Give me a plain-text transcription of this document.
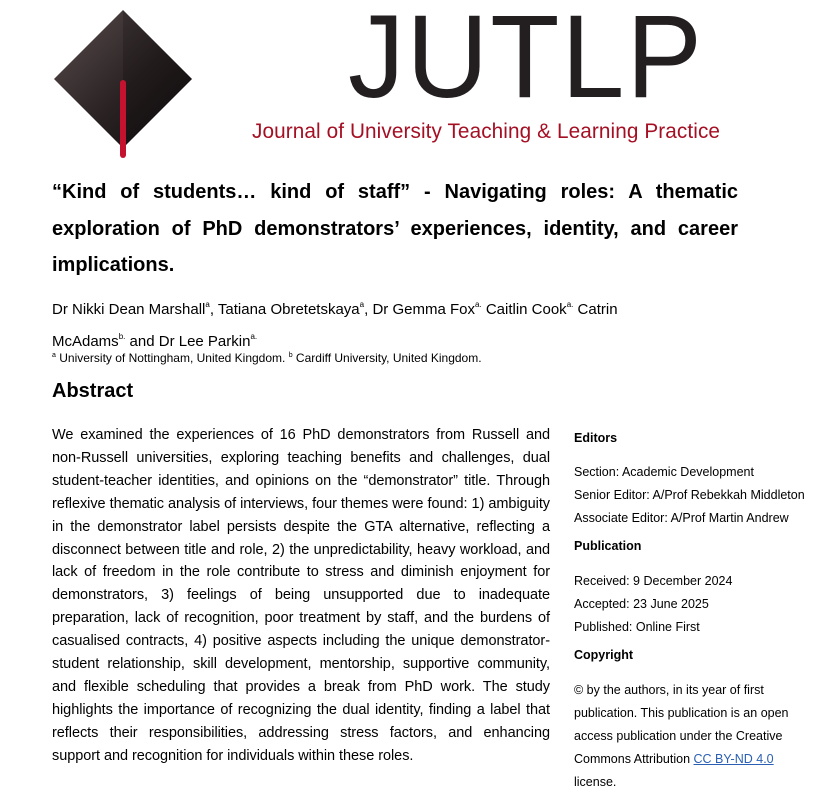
JUTLP
Journal of University Teaching & Learning Practice
“Kind of students… kind of staff” - Navigating roles: A thematic exploration of PhD demonstrators’ experiences, identity, and career implications.

Dr Nikki Dean Marshall$^a$, Tatiana Obretetskaya$^a$, Dr Gemma Fox$^{a.}$ Caitlin Cook$^{a.}$ Catrin McAdams$^{b.}$ and Dr Lee Parkin$^{a.}$

$^a$ University of Nottingham, United Kingdom. $^b$ Cardiff University, United Kingdom.

Abstract

We examined the experiences of 16 PhD demonstrators from Russell and non-Russell universities, exploring teaching benefits and challenges, dual student-teacher identities, and opinions on the “demonstrator” title. Through reflexive thematic analysis of interviews, four themes were found: 1) ambiguity in the demonstrator label persists despite the GTA alternative, reflecting a disconnect between title and role, 2) the unpredictability, heavy workload, and lack of freedom in the role contribute to stress and diminish enjoyment for demonstrators, 3) feelings of being unsupported due to inadequate preparation, lack of recognition, poor treatment by staff, and the burdens of casualised contracts, 4) positive aspects including the unique demonstrator-student relationship, skill development, mentorship, supportive community, and flexible scheduling that provides a break from PhD work. The study highlights the importance of recognizing the dual identity, finding a label that reflects their responsibilities, addressing stress factors, and enhancing support and recognition for individuals within these roles.

Editors

Section: Academic Development

Senior Editor: A/Prof Rebekkah Middleton

Associate Editor: A/Prof Martin Andrew

Publication

Received: 9 December 2024

Accepted: 23 June 2025

Published: Online First

Copyright

© by the authors, in its year of first publication. This publication is an open access publication under the Creative Commons Attribution CC BY-ND 4.0 license.
